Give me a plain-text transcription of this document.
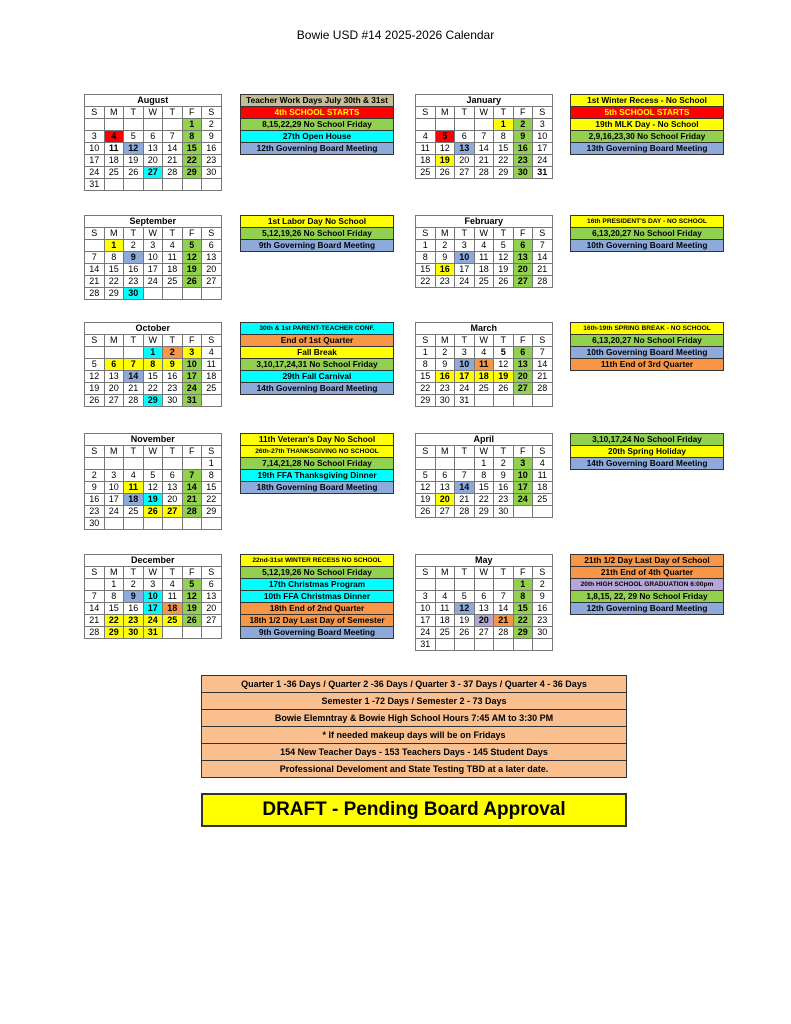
Bowie USD #14 2025-2026 Calendar
August						
S	M	T	W	T	F	S
					1	2
3	4	5	6	7	8	9
10	11	12	13	14	15	16
17	18	19	20	21	22	23
24	25	26	27	28	29	30
31						
September						
S	M	T	W	T	F	S
	1	2	3	4	5	6
7	8	9	10	11	12	13
14	15	16	17	18	19	20
21	22	23	24	25	26	27
28	29	30				
October						
S	M	T	W	T	F	S
			1	2	3	4
5	6	7	8	9	10	11
12	13	14	15	16	17	18
19	20	21	22	23	24	25
26	27	28	29	30	31	
November						
S	M	T	W	T	F	S
						1
2	3	4	5	6	7	8
9	10	11	12	13	14	15
16	17	18	19	20	21	22
23	24	25	26	27	28	29
30						
December						
S	M	T	W	T	F	S
	1	2	3	4	5	6
7	8	9	10	11	12	13
14	15	16	17	18	19	20
21	22	23	24	25	26	27
28	29	30	31			
January						
S	M	T	W	T	F	S
				1	2	3
4	5	6	7	8	9	10
11	12	13	14	15	16	17
18	19	20	21	22	23	24
25	26	27	28	29	30	31
February						
S	M	T	W	T	F	S
1	2	3	4	5	6	7
8	9	10	11	12	13	14
15	16	17	18	19	20	21
22	23	24	25	26	27	28
March						
S	M	T	W	T	F	S
1	2	3	4	5	6	7
8	9	10	11	12	13	14
15	16	17	18	19	20	21
22	23	24	25	26	27	28
29	30	31				
April						
S	M	T	W	T	F	S
			1	2	3	4
5	6	7	8	9	10	11
12	13	14	15	16	17	18
19	20	21	22	23	24	25
26	27	28	29	30		
May						
S	M	T	W	T	F	S
					1	2
3	4	5	6	7	8	9
10	11	12	13	14	15	16
17	18	19	20	21	22	23
24	25	26	27	28	29	30
31						
Teacher Work Days July 30th & 31st
4th SCHOOL STARTS
8,15,22,29 No School Friday
27th Open House
12th Governing Board Meeting
1st Labor Day No School
5,12,19,26 No School Friday
9th Governing Board Meeting
30th & 1st PARENT-TEACHER CONF.
End of 1st Quarter
Fall Break
3,10,17,24,31 No School Friday
29th Fall Carnival
14th Governing Board Meeting
11th Veteran's Day No School
26th-27th THANKSGIVING NO SCHOOL
7,14,21,28 No School Friday
19th FFA Thanksgiving Dinner
18th Governing Board Meeting
22nd-31st WINTER RECESS NO SCHOOL
5,12,19,26 No School Friday
17th Christmas Program
10th FFA Christmas Dinner
18th End of 2nd Quarter
18th 1/2 Day Last Day of Semester
9th Governing Board Meeting
1st Winter Recess - No School
5th SCHOOL STARTS
19th MLK Day - No School
2,9,16,23,30 No School Friday
13th Governing Board Meeting
16th PRESIDENT'S DAY - NO SCHOOL
6,13,20,27 No School Friday
10th Governing Board Meeting
16th-19th SPRING BREAK - NO SCHOOL
6,13,20,27 No School Friday
10th Governing Board Meeting
11th End of 3rd Quarter
3,10,17,24 No School Friday
20th Spring Holiday
14th Governing Board Meeting
21th 1/2 Day Last Day of School
21th End of 4th Quarter
20th HIGH SCHOOL GRADUATION 6:00pm
1,8,15, 22, 29 No School Friday
12th Governing Board Meeting
Quarter 1 -36 Days / Quarter 2 -36 Days / Quarter 3 - 37 Days / Quarter 4 - 36 Days
Semester 1 -72 Days / Semester 2 - 73 Days
Bowie Elemntray & Bowie High School Hours 7:45 AM to 3:30 PM
* If needed makeup days will be on Fridays
154 New Teacher Days - 153 Teachers Days - 145 Student Days
Professional Develoment and State Testing TBD at a later date.
DRAFT - Pending Board Approval
